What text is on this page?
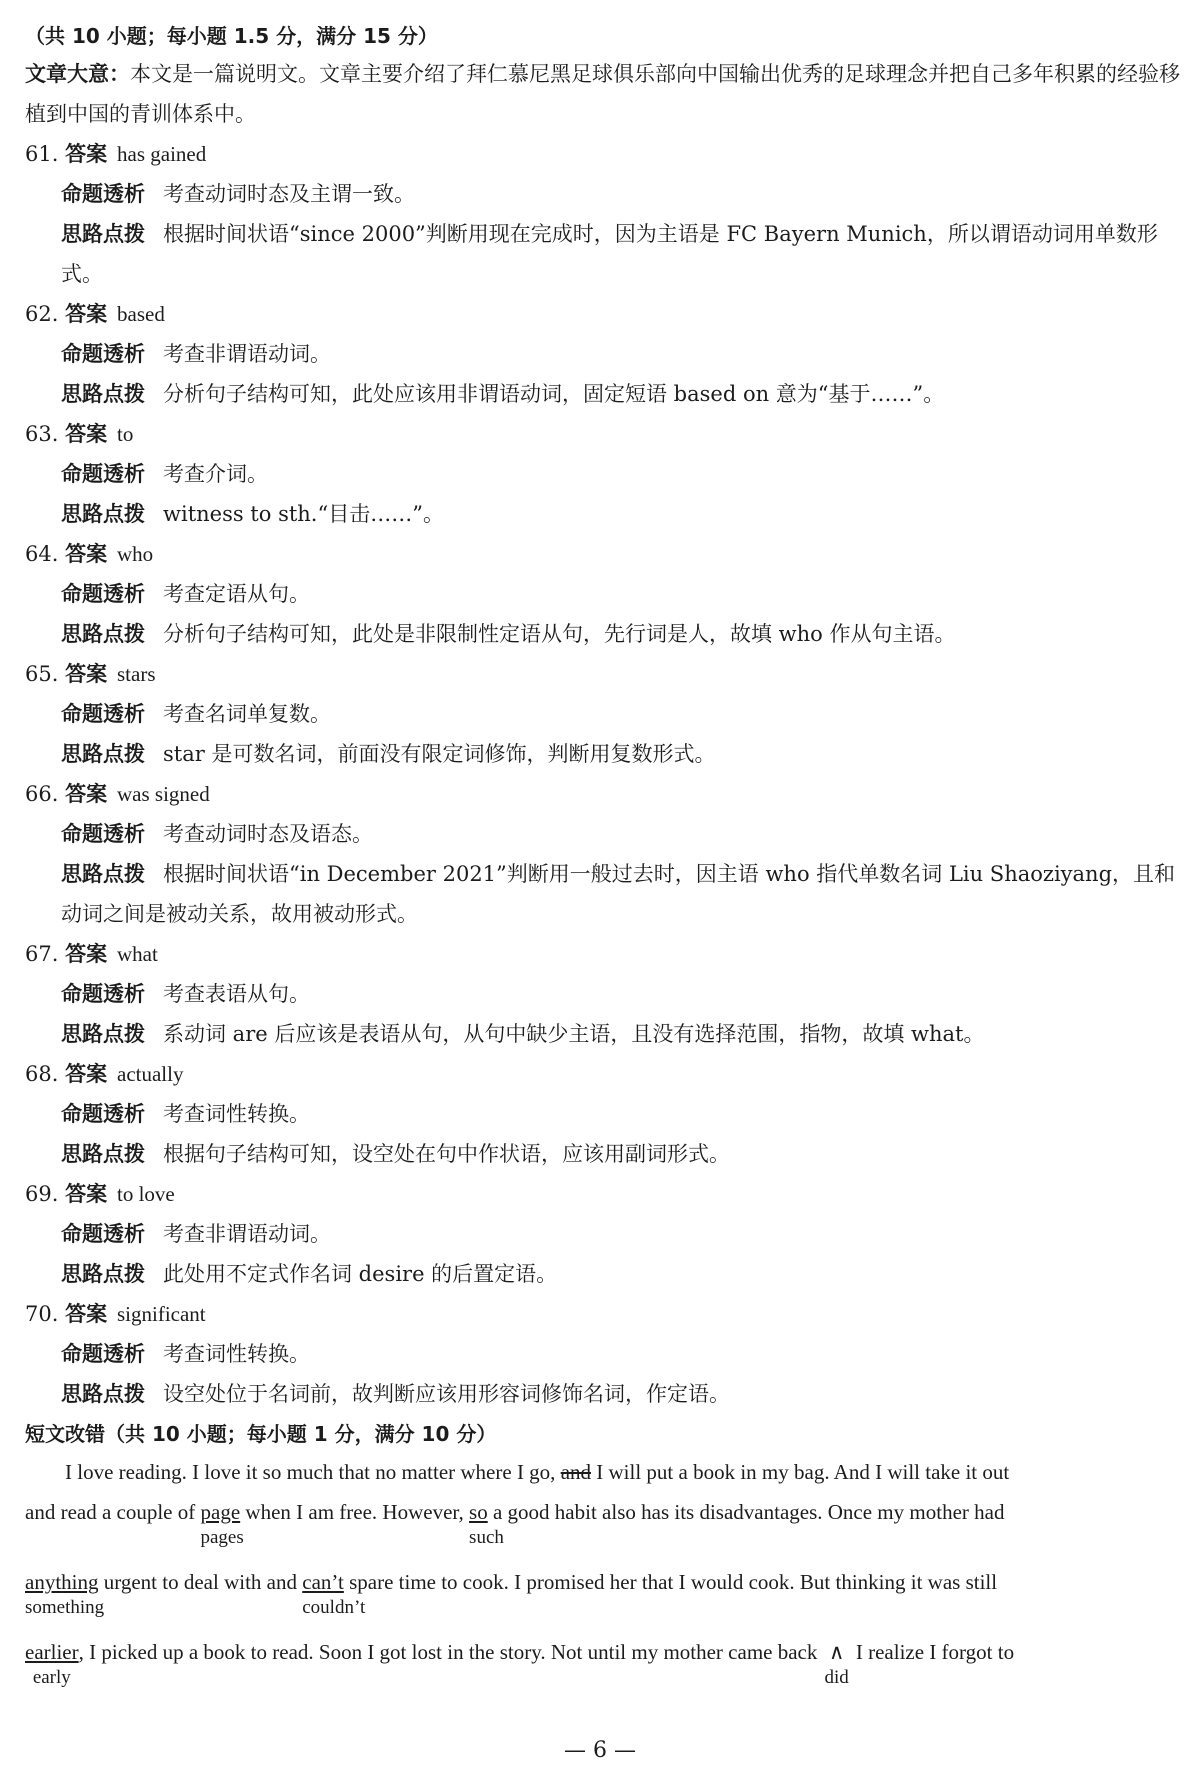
（共 10 小题；每小题 1.5 分，满分 15 分）
文章大意：本文是一篇说明文。文章主要介绍了拜仁慕尼黑足球俱乐部向中国输出优秀的足球理念并把自己多年积累的经验移植到中国的青训体系中。
61. 答案 has gained
命题透析 考查动词时态及主谓一致。
思路点拨 根据时间状语“since 2000”判断用现在完成时，因为主语是 FC Bayern Munich，所以谓语动词用单数形式。
62. 答案 based
命题透析 考查非谓语动词。
思路点拨 分析句子结构可知，此处应该用非谓语动词，固定短语 based on 意为“基于……”。
63. 答案 to
命题透析 考查介词。
思路点拨 witness to sth.“目击……”。
64. 答案 who
命题透析 考查定语从句。
思路点拨 分析句子结构可知，此处是非限制性定语从句，先行词是人，故填 who 作从句主语。
65. 答案 stars
命题透析 考查名词单复数。
思路点拨 star 是可数名词，前面没有限定词修饰，判断用复数形式。
66. 答案 was signed
命题透析 考查动词时态及语态。
思路点拨 根据时间状语“in December 2021”判断用一般过去时，因主语 who 指代单数名词 Liu Shaoziyang，且和动词之间是被动关系，故用被动形式。
67. 答案 what
命题透析 考查表语从句。
思路点拨 系动词 are 后应该是表语从句，从句中缺少主语，且没有选择范围，指物，故填 what。
68. 答案 actually
命题透析 考查词性转换。
思路点拨 根据句子结构可知，设空处在句中作状语，应该用副词形式。
69. 答案 to love
命题透析 考查非谓语动词。
思路点拨 此处用不定式作名词 desire 的后置定语。
70. 答案 significant
命题透析 考查词性转换。
思路点拨 设空处位于名词前，故判断应该用形容词修饰名词，作定语。
短文改错（共 10 小题；每小题 1 分，满分 10 分）
I love reading. I love it so much that no matter where I go, and I will put a book in my bag. And I will take it out
and read a couple of page
pages
when I am free. However, so
such
a good habit also has its disadvantages. Once my mother had
anything
something
urgent to deal with and can’t
couldn’t
spare time to cook. I promised her that I would cook. But thinking it was still
earlier
early
, I picked up a book to read. Soon I got lost in the story. Not until my mother came back ∧
did
I realize I forgot to
— 6 —
